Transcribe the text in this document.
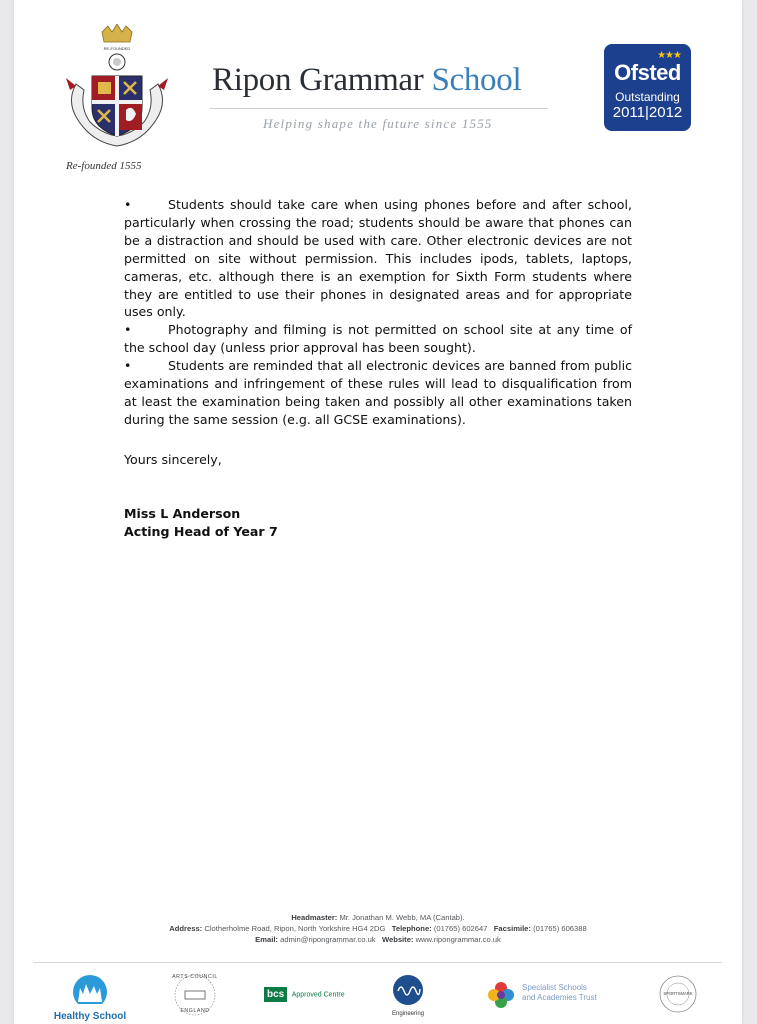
RE-FOUNDED
Re-founded 1555
Ripon Grammar School
Helping shape the future since 1555
★★★
Ofsted
Outstanding
2011|2012

•	Students should take care when using phones before and after school, particularly when crossing the road; students should be aware that phones can be a distraction and should be used with care. Other electronic devices are not permitted on site without permission. This includes ipods, tablets, laptops, cameras, etc. although there is an exemption for Sixth Form students where they are entitled to use their phones in designated areas and for appropriate uses only.

•	Photography and filming is not permitted on school site at any time of the school day (unless prior approval has been sought).

•	Students are reminded that all electronic devices are banned from public examinations and infringement of these rules will lead to disqualification from at least the examination being taken and possibly all other examinations taken during the same session (e.g. all GCSE examinations).

Yours sincerely,

Miss L Anderson

Acting Head of Year 7

Headmaster: Mr. Jonathan M. Webb, MA (Cantab).
Address: Clotherholme Road, Ripon, North Yorkshire HG4 2DG Telephone: (01765) 602647 Facsimile: (01765) 606388
Email: admin@ripongrammar.co.uk Website: www.ripongrammar.co.uk
Healthy School
ARTS COUNCIL
ENGLAND
bcs Approved Centre
Engineering
Specialist Schools
and Academies Trust	SPORTSMARK
